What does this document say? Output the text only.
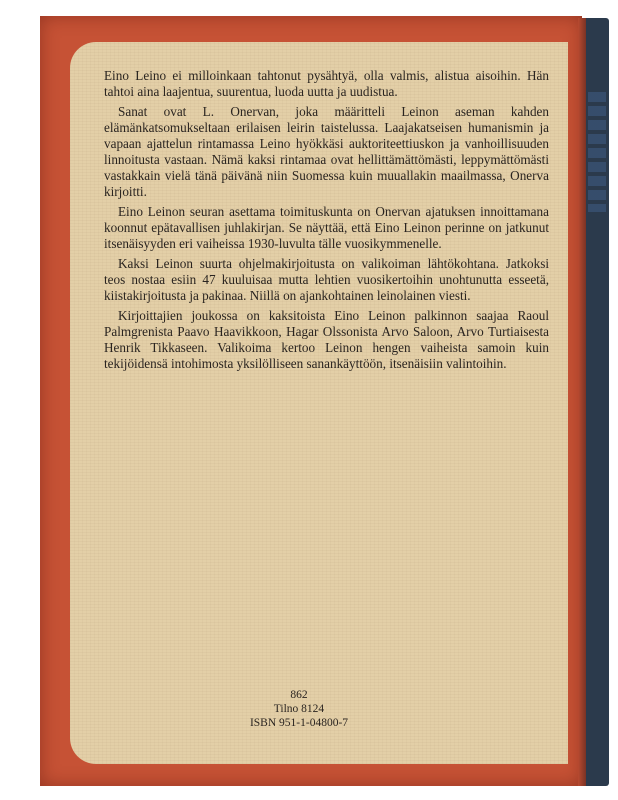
Eino Leino ei milloinkaan tahtonut pysähtyä, olla valmis, alistua aisoihin. Hän tahtoi aina laajentua, suurentua, luoda uutta ja uudistua.

Sanat ovat L. Onervan, joka määritteli Leinon aseman kahden elämänkatsomukseltaan erilaisen leirin taistelussa. Laajakatseisen humanismin ja vapaan ajattelun rintamassa Leino hyökkäsi auktoriteettiuskon ja vanhoillisuuden linnoitusta vastaan. Nämä kaksi rintamaa ovat hellittämättömästi, leppymättömästi vastakkain vielä tänä päivänä niin Suomessa kuin muuallakin maailmassa, Onerva kirjoitti.

Eino Leinon seuran asettama toimituskunta on Onervan ajatuksen innoittamana koonnut epätavallisen juhlakirjan. Se näyttää, että Eino Leinon perinne on jatkunut itsenäisyyden eri vaiheissa 1930-luvulta tälle vuosikymmenelle.

Kaksi Leinon suurta ohjelmakirjoitusta on valikoiman lähtökohtana. Jatkoksi teos nostaa esiin 47 kuuluisaa mutta lehtien vuosikertoihin unohtunutta esseetä, kiistakirjoitusta ja pakinaa. Niillä on ajankohtainen leinolainen viesti.

Kirjoittajien joukossa on kaksitoista Eino Leinon palkinnon saajaa Raoul Palmgrenista Paavo Haavikkoon, Hagar Olssonista Arvo Saloon, Arvo Turtiaisesta Henrik Tikkaseen. Valikoima kertoo Leinon hengen vaiheista samoin kuin tekijöidensä intohimosta yksilölliseen sanankäyttöön, itsenäisiin valintoihin.

862
Tilno 8124
ISBN 951-1-04800-7
